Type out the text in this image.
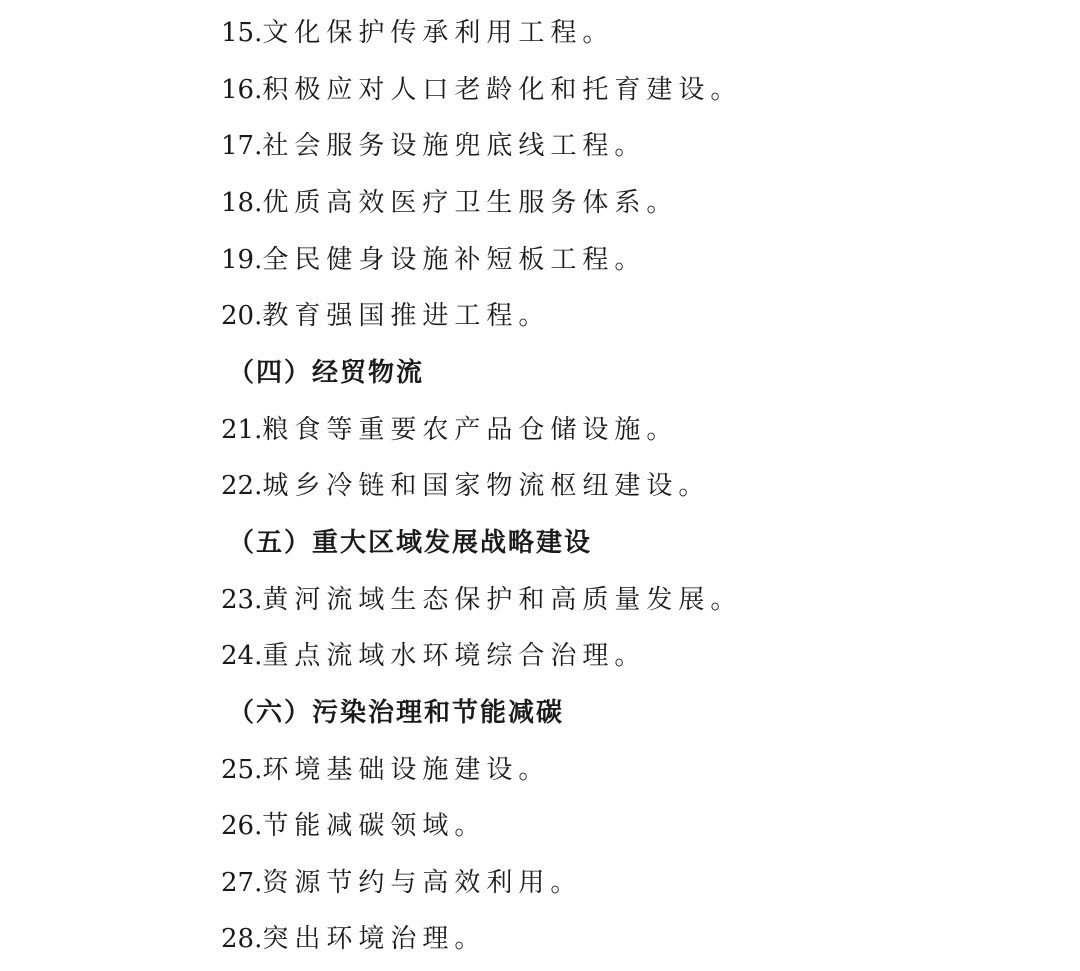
15.文化保护传承利用工程。
16.积极应对人口老龄化和托育建设。
17.社会服务设施兜底线工程。
18.优质高效医疗卫生服务体系。
19.全民健身设施补短板工程。
20.教育强国推进工程。
（四）经贸物流
21.粮食等重要农产品仓储设施。
22.城乡冷链和国家物流枢纽建设。
（五）重大区域发展战略建设
23.黄河流域生态保护和高质量发展。
24.重点流域水环境综合治理。
（六）污染治理和节能减碳
25.环境基础设施建设。
26.节能减碳领域。
27.资源节约与高效利用。
28.突出环境治理。
